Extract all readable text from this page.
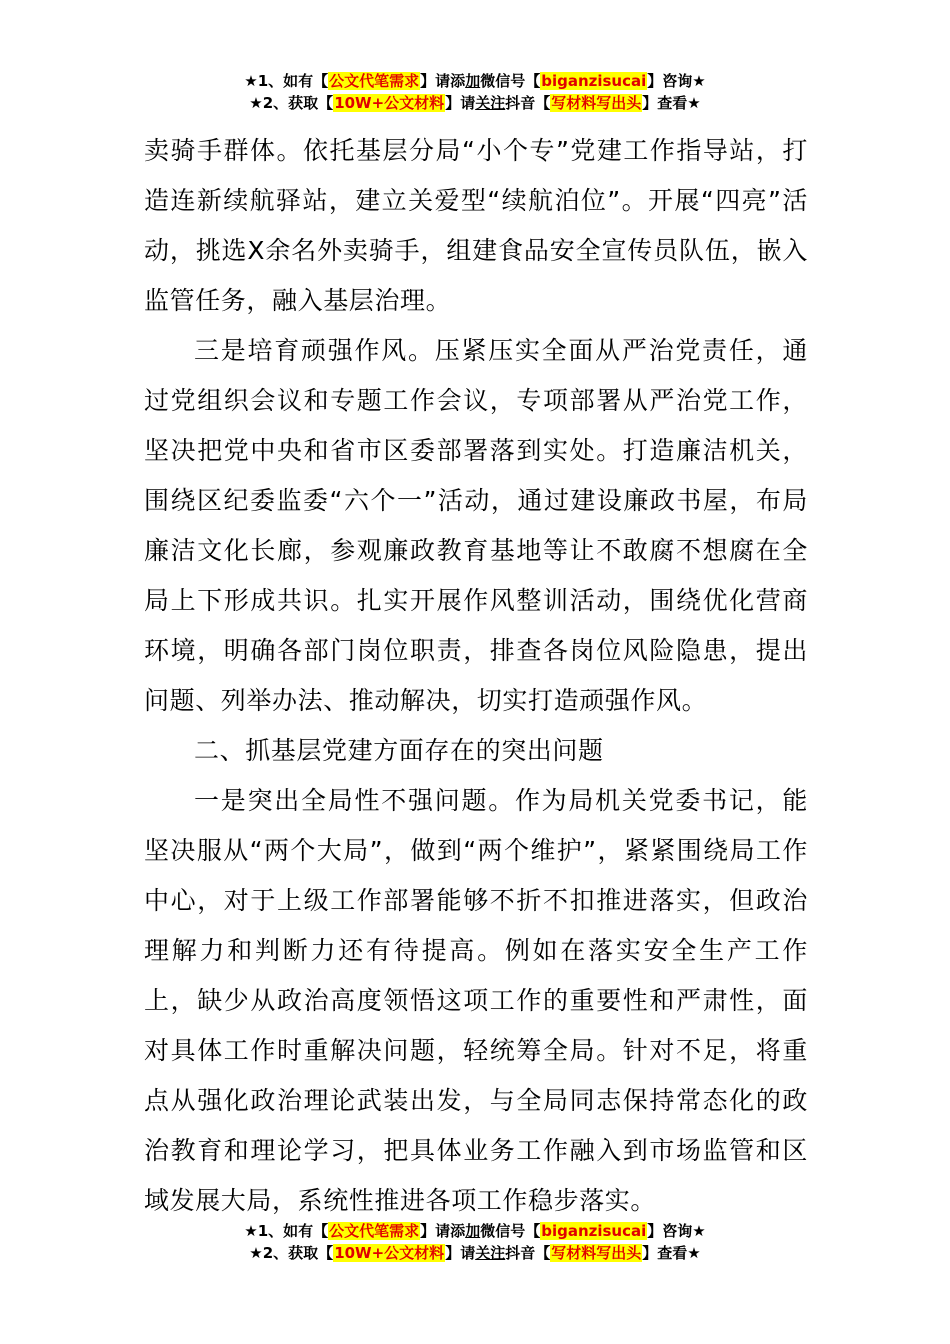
★1、如有【公文代笔需求】请添加微信号【biganzisucai】咨询★
★2、获取【10W+公文材料】请关注抖音【写材料写出头】查看★

卖骑手群体。依托基层分局“小个专”党建工作指导站，打造连新续航驿站，建立关爱型“续航泊位”。开展“四亮”活动，挑选X余名外卖骑手，组建食品安全宣传员队伍，嵌入监管任务，融入基层治理。

三是培育顽强作风。压紧压实全面从严治党责任，通过党组织会议和专题工作会议，专项部署从严治党工作，坚决把党中央和省市区委部署落到实处。打造廉洁机关，围绕区纪委监委“六个一”活动，通过建设廉政书屋，布局廉洁文化长廊，参观廉政教育基地等让不敢腐不想腐在全局上下形成共识。扎实开展作风整训活动，围绕优化营商环境，明确各部门岗位职责，排查各岗位风险隐患，提出问题、列举办法、推动解决，切实打造顽强作风。

二、抓基层党建方面存在的突出问题

一是突出全局性不强问题。作为局机关党委书记，能坚决服从“两个大局”，做到“两个维护”，紧紧围绕局工作中心，对于上级工作部署能够不折不扣推进落实，但政治理解力和判断力还有待提高。例如在落实安全生产工作上，缺少从政治高度领悟这项工作的重要性和严肃性，面对具体工作时重解决问题，轻统筹全局。针对不足，将重点从强化政治理论武装出发，与全局同志保持常态化的政治教育和理论学习，把具体业务工作融入到市场监管和区域发展大局，系统性推进各项工作稳步落实。

★1、如有【公文代笔需求】请添加微信号【biganzisucai】咨询★
★2、获取【10W+公文材料】请关注抖音【写材料写出头】查看★
